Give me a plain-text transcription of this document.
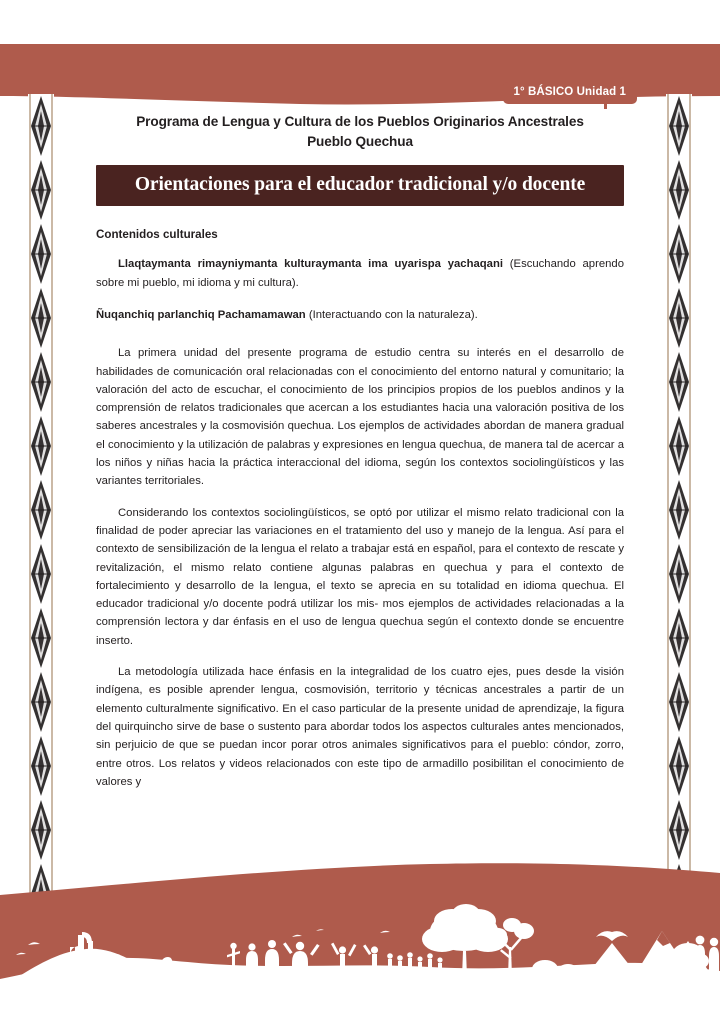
1° BÁSICO Unidad 1
Programa de Lengua y Cultura de los Pueblos Originarios Ancestrales
Pueblo Quechua
Orientaciones para el educador tradicional y/o docente
Contenidos culturales

Llaqtaymanta rimayniymanta kulturaymanta ima uyarispa yachaqani (Escuchando aprendo sobre mi pueblo, mi idioma y mi cultura).

Ñuqanchiq parlanchiq Pachamamawan (Interactuando con la naturaleza).

La primera unidad del presente programa de estudio centra su interés en el desarrollo de habilidades de comunicación oral relacionadas con el conocimiento del entorno natural y comunitario; la valoración del acto de escuchar, el conocimiento de los principios propios de los pueblos andinos y la comprensión de relatos tradicionales que acercan a los estudiantes hacia una valoración positiva de los saberes ancestrales y la cosmovisión quechua. Los ejemplos de actividades abordan de manera gradual el conocimiento y la utilización de palabras y expresiones en lengua quechua, de manera tal de acercar a los niños y niñas hacia la práctica interaccional del idioma, según los contextos sociolingüísticos y las variantes territoriales.

Considerando los contextos sociolingüísticos, se optó por utilizar el mismo relato tradicional con la finalidad de poder apreciar las variaciones en el tratamiento del uso y manejo de la lengua. Así para el contexto de sensibilización de la lengua el relato a trabajar está en español, para el contexto de rescate y revitalización, el mismo relato contiene algunas palabras en quechua y para el contexto de fortalecimiento y desarrollo de la lengua, el texto se aprecia en su totalidad en idioma quechua. El educador tradicional y/o docente podrá utilizar los mis- mos ejemplos de actividades relacionadas a la comprensión lectora y dar énfasis en el uso de lengua quechua según el contexto donde se encuentre inserto.

La metodología utilizada hace énfasis en la integralidad de los cuatro ejes, pues desde la visión indígena, es posible aprender lengua, cosmovisión, territorio y técnicas ancestrales a partir de un elemento culturalmente significativo. En el caso particular de la presente unidad de aprendizaje, la figura del quirquincho sirve de base o sustento para abordar todos los aspectos culturales antes mencionados, sin perjuicio de que se puedan incor porar otros animales significativos para el pueblo: cóndor, zorro, entre otros. Los relatos y videos relacionados con este tipo de armadillo posibilitan el conocimiento de valores y
